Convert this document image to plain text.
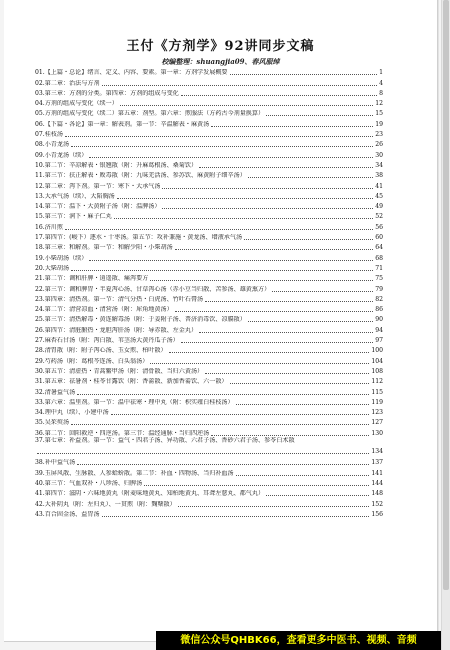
王付《方剂学》92讲同步文稿
校编整理：shuangjia09、春风服绰
01.【上篇・总论】绪言、定义、内容、要素。第一章：方剂学发展概要	1
02.第二章：治法与方剂	4
03.第三章：方剂的分类。第四章：方剂的组成与变化	8
04.方剂的组成与变化（续一）	12
05.方剂的组成与变化（续二）第五章：剂型。第六章：煎服法（方药古今剂量换算）	15
06.【下篇・各论】第一章：解表剂。第一节：辛温解表・麻黄汤	19
07.桂枝汤	23
08.小青龙汤	26
09.小青龙汤（续）	30
10.第二节：辛凉解表・银翘散（附：升麻葛根汤、桑菊饮）	34
11.第三节：扶正解表・败毒散（附：九味羌活汤、参苏饮、麻黄附子细辛汤）	38
12.第二章：泻下剂。第一节：寒下・大承气汤	41
13.大承气汤（续）、大陷胸汤	45
14.第二节：温下・大黄附子汤（附：温脾汤）	49
15.第三节：润下・麻子仁丸	52
16.济川煎	56
17.第四节：(峻下）逐水・十枣汤。第五节：攻补兼施・黄龙汤、增液承气汤	60
18.第三章：和解剂。第一节：和解少阳・小柴胡汤	64
19.小柴胡汤（续）	68
20.大柴胡汤	71
21.第二节：调和肝脾・逍遥散、痛泻要方	75
22.第三节：调和脾胃・半夏泻心汤、甘草泻心汤（赤小豆当归散、苦参汤、雄黄熏方）	79
23.第四章：清热剂。第一节：清气分热・白虎汤、竹叶石膏汤	82
24.第二节：清营凉血・清营汤（附：犀角地黄汤）	86
25.第三节：清热解毒・黄连解毒汤（附：于姜附子汤、普济消毒饮、凉膈散）	90
26.第四节：清脏腑热・龙胆泻肝汤（附：导赤散、左金丸）	94
27.麻杏石甘汤（附：泻白散、苇茎汤大黄丹瓜子汤）	97
28.清胃散（附：附子泻心汤、玉女煎、柏叶散）	100
29.芍药汤（附：葛根芩连汤、白头翁汤）	104
30.第五节：清虚热・青蒿鳖甲汤（附：清骨散、当归六黄汤）	108
31.第五章：祛暑剂・桂苓甘露饮（附：香薷散、新加香薷饮、六一散）	112
32.清暑益气汤	115
33.第六章：温里剂。第一节：温中祛寒・理中丸（附：枳实薤白桂枝汤）	119
34.理中丸（续）、小建中汤	123
35.吴茱萸汤	127
36.第二节：回阳救逆・四逆汤。第三节：温经通脉・当归四逆汤	130
37.第七章：补益剂。第一节：益气・四君子汤、异功散、六君子汤、香砂六君子汤、参苓白术散
134
38.补中益气汤	137
39.玉屏风散、生脉散、人参蛤蚧散。第二节：补血・四物汤、当归补血汤	141
40.第三节：气血双补・八珍汤、归脾汤	144
41.第四节：滋阴・六味地黄丸（附麦味地黄丸、知柏地黄丸、耳聋左慈丸、都气丸）	148
42.大补阴丸（附：左归丸）、一贯煎（附：麴蘖散）	152
43.百合固金汤、益胃汤	156
微信公众号QHBK66，查看更多中医书、视频、音频
